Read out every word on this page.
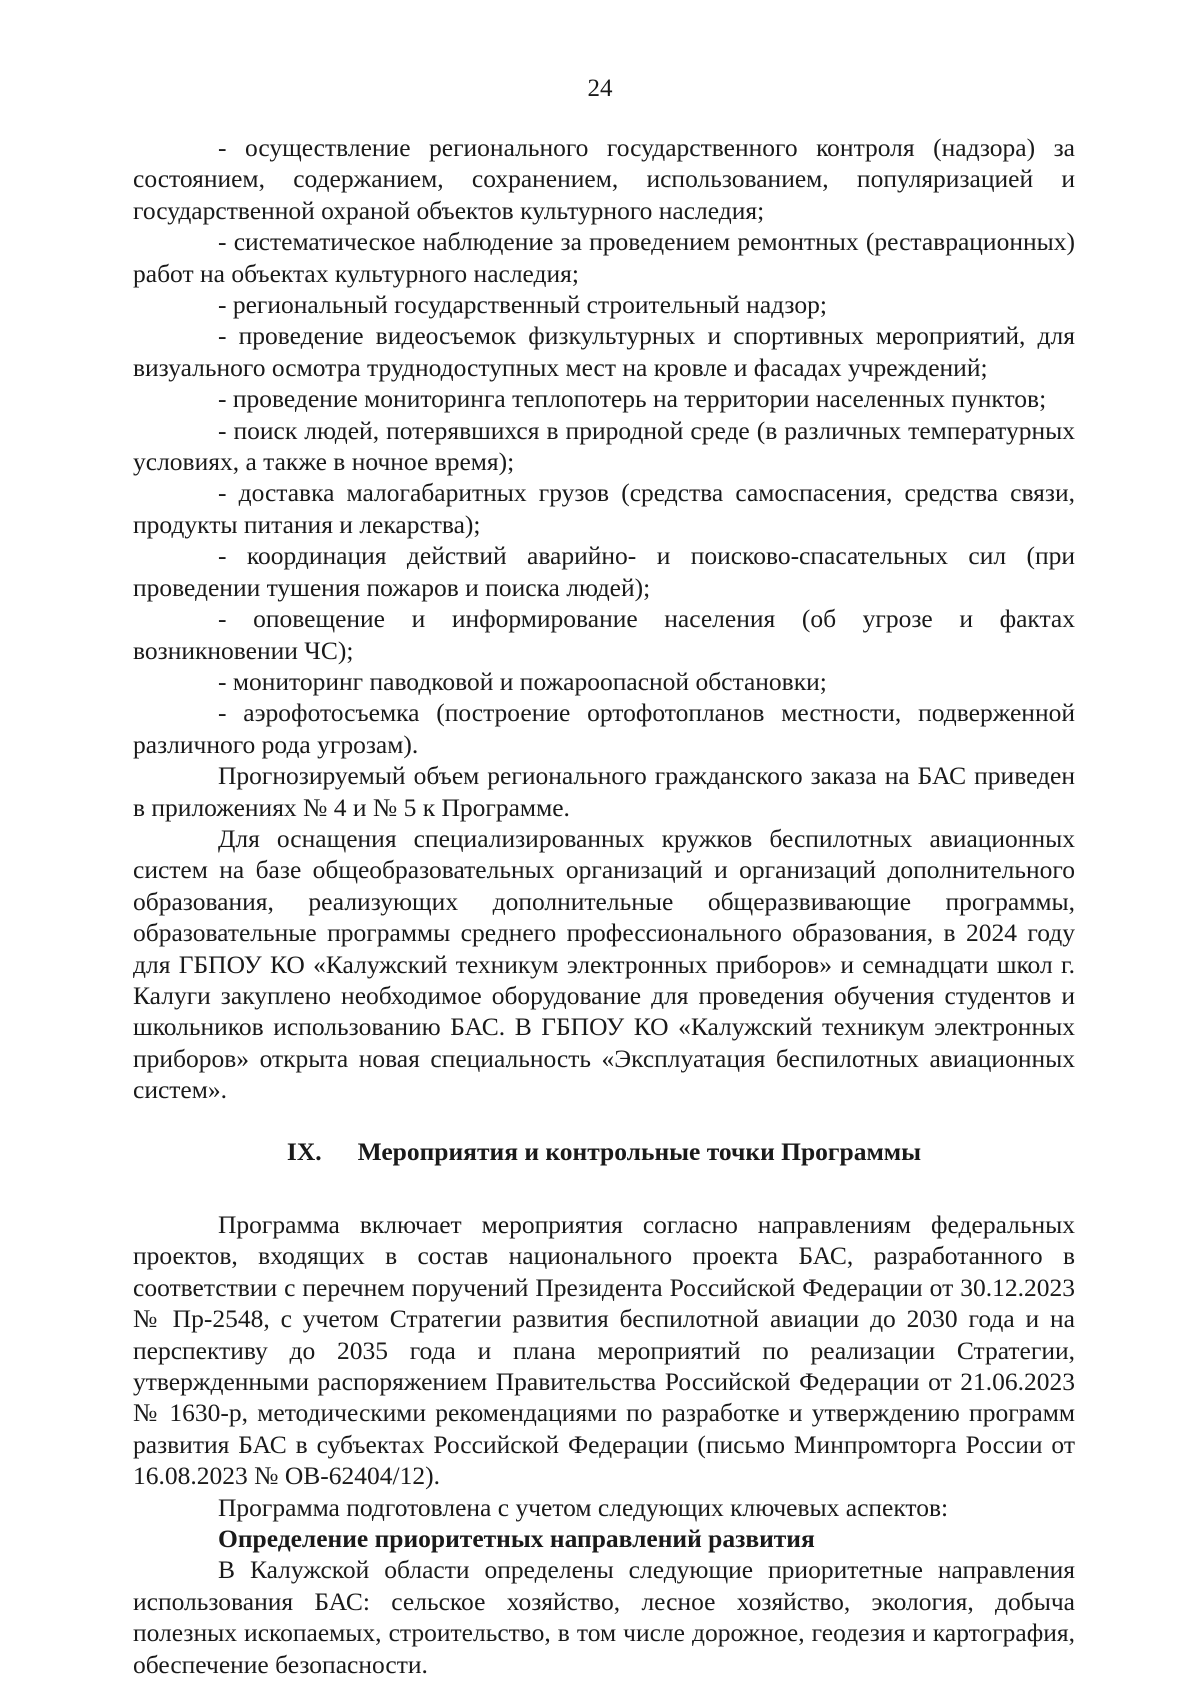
24

- осуществление регионального государственного контроля (надзора) за состоянием, содержанием, сохранением, использованием, популяризацией и государственной охраной объектов культурного наследия;

- систематическое наблюдение за проведением ремонтных (реставрационных) работ на объектах культурного наследия;

- региональный государственный строительный надзор;

- проведение видеосъемок физкультурных и спортивных мероприятий, для визуального осмотра труднодоступных мест на кровле и фасадах учреждений;

- проведение мониторинга теплопотерь на территории населенных пунктов;

- поиск людей, потерявшихся в природной среде (в различных температурных условиях, а также в ночное время);

- доставка малогабаритных грузов (средства самоспасения, средства связи, продукты питания и лекарства);

- координация действий аварийно- и поисково-спасательных сил (при проведении тушения пожаров и поиска людей);

- оповещение и информирование населения (об угрозе и фактах возникновении ЧС);

- мониторинг паводковой и пожароопасной обстановки;

- аэрофотосъемка (построение ортофотопланов местности, подверженной различного рода угрозам).

Прогнозируемый объем регионального гражданского заказа на БАС приведен в приложениях № 4 и № 5 к Программе.

Для оснащения специализированных кружков беспилотных авиационных систем на базе общеобразовательных организаций и организаций дополнительного образования, реализующих дополнительные общеразвивающие программы, образовательные программы среднего профессионального образования, в 2024 году для ГБПОУ КО «Калужский техникум электронных приборов» и семнадцати школ г. Калуги закуплено необходимое оборудование для проведения обучения студентов и школьников использованию БАС. В ГБПОУ КО «Калужский техникум электронных приборов» открыта новая специальность «Эксплуатация беспилотных авиационных систем».

IX. Мероприятия и контрольные точки Программы

Программа включает мероприятия согласно направлениям федеральных проектов, входящих в состав национального проекта БАС, разработанного в соответствии с перечнем поручений Президента Российской Федерации от 30.12.2023 № Пр-2548, с учетом Стратегии развития беспилотной авиации до 2030 года и на перспективу до 2035 года и плана мероприятий по реализации Стратегии, утвержденными распоряжением Правительства Российской Федерации от 21.06.2023 № 1630-р, методическими рекомендациями по разработке и утверждению программ развития БАС в субъектах Российской Федерации (письмо Минпромторга России от 16.08.2023 № ОВ-62404/12).

Программа подготовлена с учетом следующих ключевых аспектов:

Определение приоритетных направлений развития

В Калужской области определены следующие приоритетные направления использования БАС: сельское хозяйство, лесное хозяйство, экология, добыча полезных ископаемых, строительство, в том числе дорожное, геодезия и картография, обеспечение безопасности.
